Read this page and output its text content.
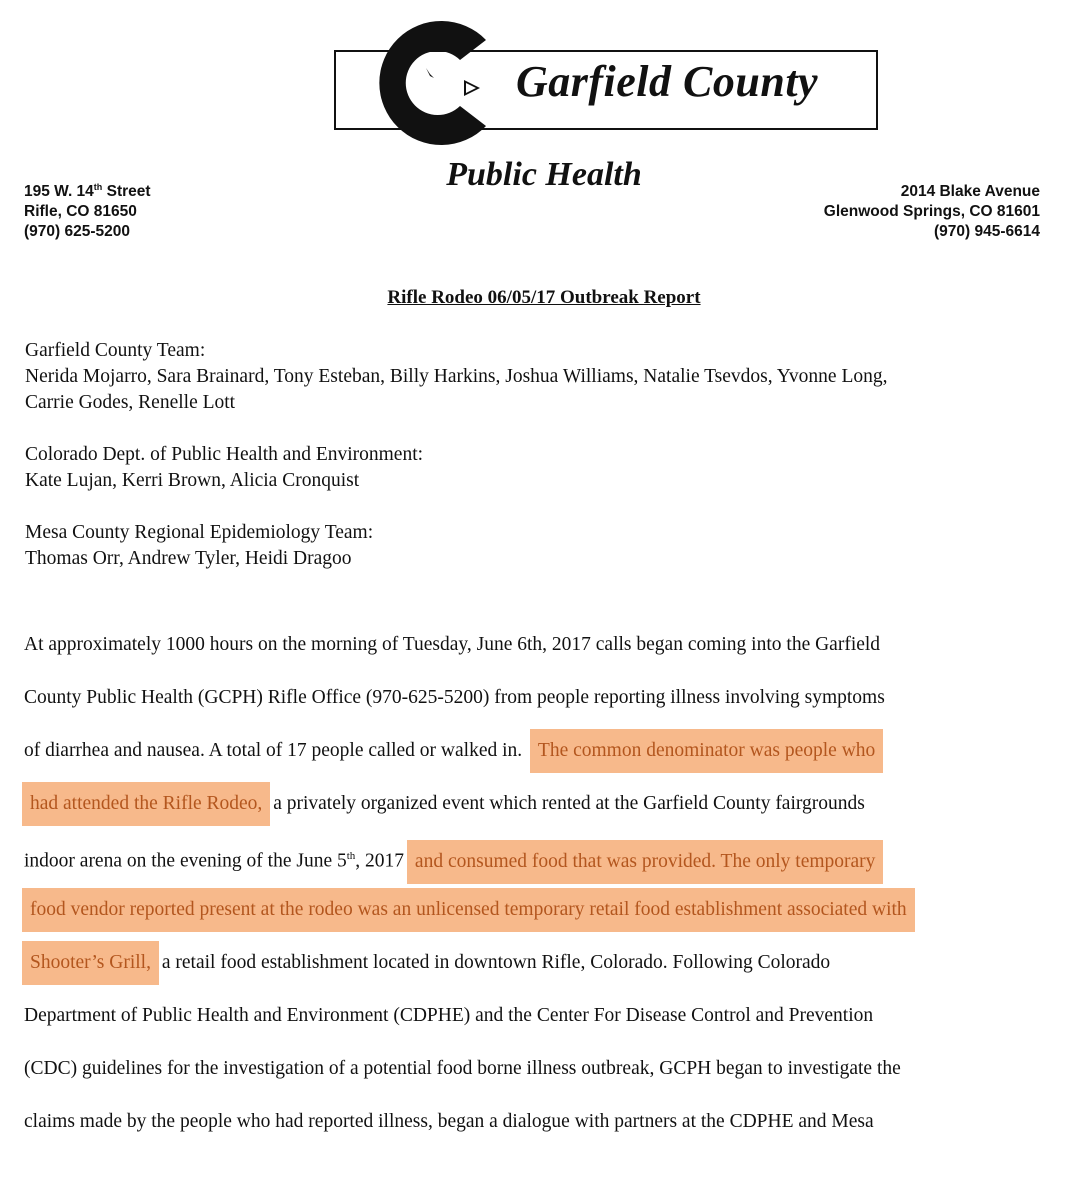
Garfield County
Public Health
195 W. 14th Street
Rifle, CO 81650
(970) 625-5200
2014 Blake Avenue
Glenwood Springs, CO 81601
(970) 945-6614
Rifle Rodeo 06/05/17 Outbreak Report
Garfield County Team:
Nerida Mojarro, Sara Brainard, Tony Esteban, Billy Harkins, Joshua Williams, Natalie Tsevdos, Yvonne Long,
Carrie Godes, Renelle Lott
Colorado Dept. of Public Health and Environment:
Kate Lujan, Kerri Brown, Alicia Cronquist
Mesa County Regional Epidemiology Team:
Thomas Orr, Andrew Tyler, Heidi Dragoo
At approximately 1000 hours on the morning of Tuesday, June 6th, 2017 calls began coming into the Garfield
County Public Health (GCPH) Rifle Office (970-625-5200) from people reporting illness involving symptoms
of diarrhea and nausea. A total of 17 people called or walked in. The common denominator was people who
had attended the Rifle Rodeo, a privately organized event which rented at the Garfield County fairgrounds
indoor arena on the evening of the June 5th, 2017 and consumed food that was provided. The only temporary
food vendor reported present at the rodeo was an unlicensed temporary retail food establishment associated with
Shooter’s Grill, a retail food establishment located in downtown Rifle, Colorado. Following Colorado
Department of Public Health and Environment (CDPHE) and the Center For Disease Control and Prevention
(CDC) guidelines for the investigation of a potential food borne illness outbreak, GCPH began to investigate the
claims made by the people who had reported illness, began a dialogue with partners at the CDPHE and Mesa
